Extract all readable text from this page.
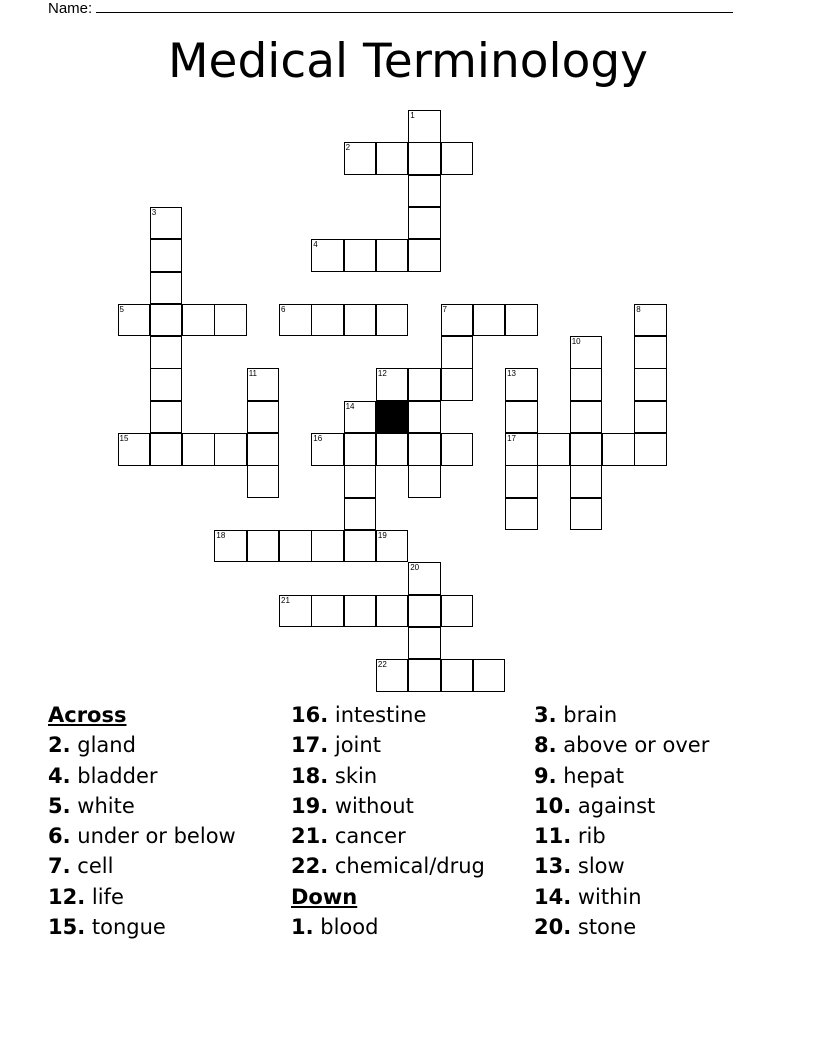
Name:
Medical Terminology
1
2
3
4
5	6	7	8
10
11	12	13
14
15	16	17
18	19
20
21
22
Across
2. gland
4. bladder
5. white
6. under or below
7. cell
12. life
15. tongue
16. intestine
17. joint
18. skin
19. without
21. cancer
22. chemical/drug
Down
1. blood
3. brain
8. above or over
9. hepat
10. against
11. rib
13. slow
14. within
20. stone
